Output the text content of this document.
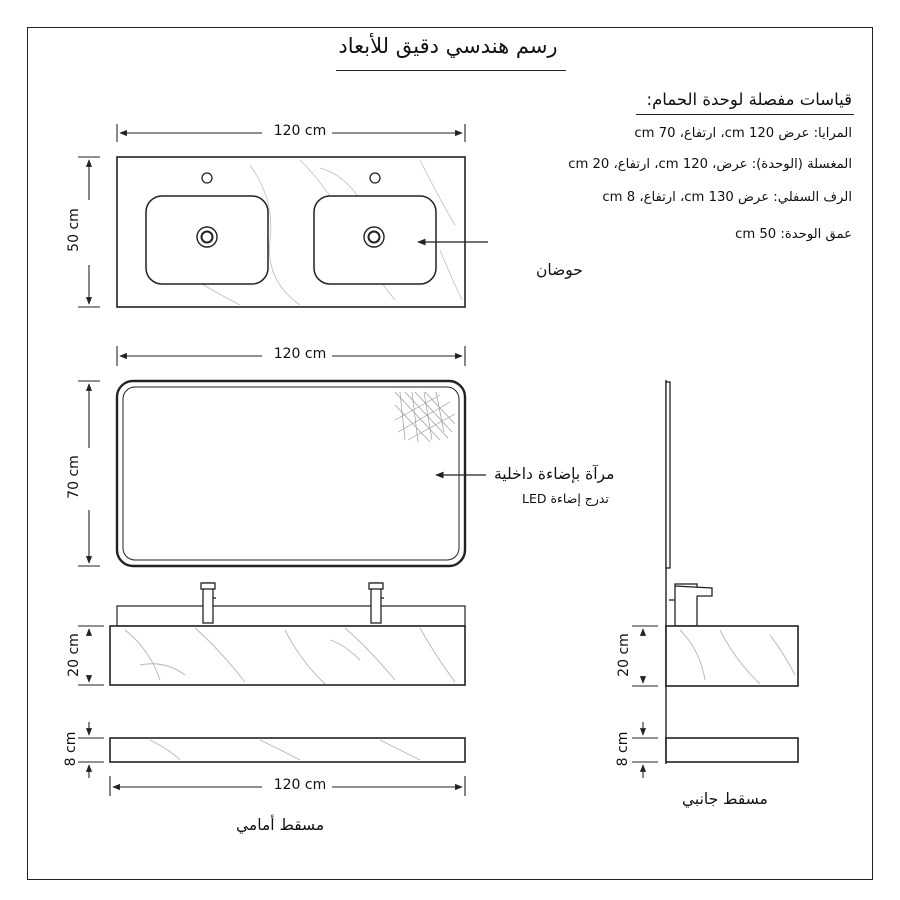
رسم هندسي دقيق للأبعاد
قياسات مفصلة لوحدة الحمام:
المرايا: عرض 120 cm، ارتفاع، 70 cm
المغسلة (الوحدة): عرض، 120 cm، ارتفاع، 20 cm
الرف السفلي: عرض 130 cm، ارتفاع، 8 cm
عمق الوحدة: 50 cm
120 cm
50 cm
حوضان
120 cm
70 cm	مرآة بإضاءة داخلية
تدرج إضاءة LED
20 cm
8 cm
120 cm
مسقط أمامي
20 cm
8 cm
مسقط جانبي
